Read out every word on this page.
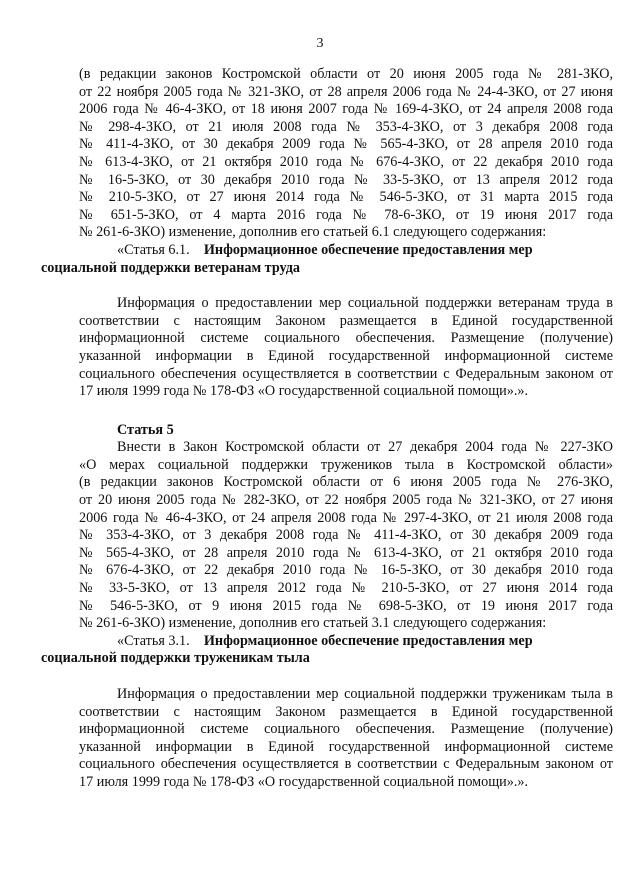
3
(в редакции законов Костромской области от 20 июня 2005 года № 281-ЗКО,
от 22 ноября 2005 года № 321-ЗКО, от 28 апреля 2006 года № 24-4-ЗКО, от 27 июня
2006 года № 46-4-ЗКО, от 18 июня 2007 года № 169-4-ЗКО, от 24 апреля 2008 года
№ 298-4-ЗКО, от 21 июля 2008 года № 353-4-ЗКО, от 3 декабря 2008 года
№ 411-4-ЗКО, от 30 декабря 2009 года № 565-4-ЗКО, от 28 апреля 2010 года
№ 613-4-ЗКО, от 21 октября 2010 года № 676-4-ЗКО, от 22 декабря 2010 года
№ 16-5-ЗКО, от 30 декабря 2010 года № 33-5-ЗКО, от 13 апреля 2012 года
№ 210-5-ЗКО, от 27 июня 2014 года № 546-5-ЗКО, от 31 марта 2015 года
№ 651-5-ЗКО, от 4 марта 2016 года № 78-6-ЗКО, от 19 июня 2017 года
№ 261-6-ЗКО) изменение, дополнив его статьей 6.1 следующего содержания:
«Статья 6.1. Информационное обеспечение предоставления мер
социальной поддержки ветеранам труда
Информация о предоставлении мер социальной поддержки ветеранам труда в
соответствии с настоящим Законом размещается в Единой государственной
информационной системе социального обеспечения. Размещение (получение)
указанной информации в Единой государственной информационной системе
социального обеспечения осуществляется в соответствии с Федеральным законом от
17 июля 1999 года № 178-ФЗ «О государственной социальной помощи».».
Статья 5
Внести в Закон Костромской области от 27 декабря 2004 года № 227-ЗКО
«О мерах социальной поддержки тружеников тыла в Костромской области»
(в редакции законов Костромской области от 6 июня 2005 года № 276-ЗКО,
от 20 июня 2005 года № 282-ЗКО, от 22 ноября 2005 года № 321-ЗКО, от 27 июня
2006 года № 46-4-ЗКО, от 24 апреля 2008 года № 297-4-ЗКО, от 21 июля 2008 года
№ 353-4-ЗКО, от 3 декабря 2008 года № 411-4-ЗКО, от 30 декабря 2009 года
№ 565-4-ЗКО, от 28 апреля 2010 года № 613-4-ЗКО, от 21 октября 2010 года
№ 676-4-ЗКО, от 22 декабря 2010 года № 16-5-ЗКО, от 30 декабря 2010 года
№ 33-5-ЗКО, от 13 апреля 2012 года № 210-5-ЗКО, от 27 июня 2014 года
№ 546-5-ЗКО, от 9 июня 2015 года № 698-5-ЗКО, от 19 июня 2017 года
№ 261-6-ЗКО) изменение, дополнив его статьей 3.1 следующего содержания:
«Статья 3.1. Информационное обеспечение предоставления мер
социальной поддержки труженикам тыла
Информация о предоставлении мер социальной поддержки труженикам тыла в
соответствии с настоящим Законом размещается в Единой государственной
информационной системе социального обеспечения. Размещение (получение)
указанной информации в Единой государственной информационной системе
социального обеспечения осуществляется в соответствии с Федеральным законом от
17 июля 1999 года № 178-ФЗ «О государственной социальной помощи».».
